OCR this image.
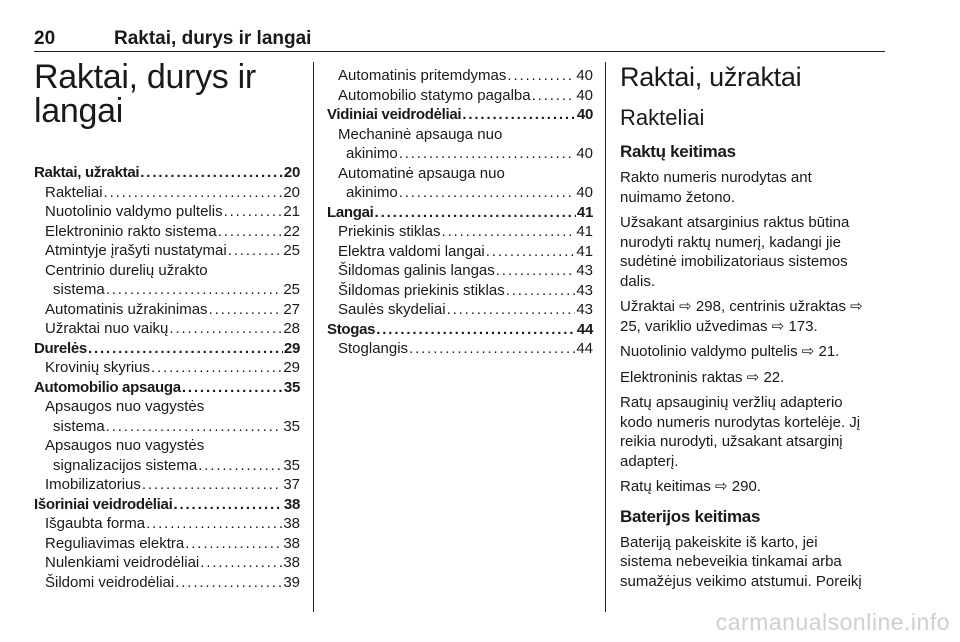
20	Raktai, durys ir langai
Raktai, durys ir
langai
Raktai, užraktai . . .	20
Rakteliai . . .	20
Nuotolinio valdymo pultelis . . .	21
Elektroninio rakto sistema . . .	22
Atmintyje įrašyti nustatymai . . .	25
Centrinio durelių užrakto
sistema . . .	25
Automatinis užrakinimas . . .	27
Užraktai nuo vaikų . . .	28
Durelės . . .	29
Krovinių skyrius . . .	29
Automobilio apsauga . . .	35
Apsaugos nuo vagystės
sistema . . .	35
Apsaugos nuo vagystės
signalizacijos sistema . . .	35
Imobilizatorius . . .	37
Išoriniai veidrodėliai . . .	38
Išgaubta forma . . .	38
Reguliavimas elektra . . .	38
Nulenkiami veidrodėliai . . .	38
Šildomi veidrodėliai . . .	39
Automatinis pritemdymas . . .	40
Automobilio statymo pagalba . . .	40
Vidiniai veidrodėliai . . .	40
Mechaninė apsauga nuo
akinimo . . .	40
Automatinė apsauga nuo
akinimo . . .	40
Langai . . .	41
Priekinis stiklas . . .	41
Elektra valdomi langai . . .	41
Šildomas galinis langas . . .	43
Šildomas priekinis stiklas . . .	43
Saulės skydeliai . . .	43
Stogas . . .	44
Stoglangis . . .	44
Raktai, užraktai
Rakteliai
Raktų keitimas

Rakto numeris nurodytas ant nuimamo žetono.

Užsakant atsarginius raktus būtina nurodyti raktų numerį, kadangi jie sudėtinė imobilizatoriaus sistemos dalis.

Užraktai ⇨ 298, centrinis užraktas ⇨ 25, variklio užvedimas ⇨ 173.

Nuotolinio valdymo pultelis ⇨ 21.

Elektroninis raktas ⇨ 22.

Ratų apsauginių veržlių adapterio kodo numeris nurodytas kortelėje. Jį reikia nurodyti, užsakant atsarginį adapterį.

Ratų keitimas ⇨ 290.

Baterijos keitimas

Bateriją pakeiskite iš karto, jei sistema nebeveikia tinkamai arba sumažėjus veikimo atstumui. Poreikį

carmanualsonline.info
